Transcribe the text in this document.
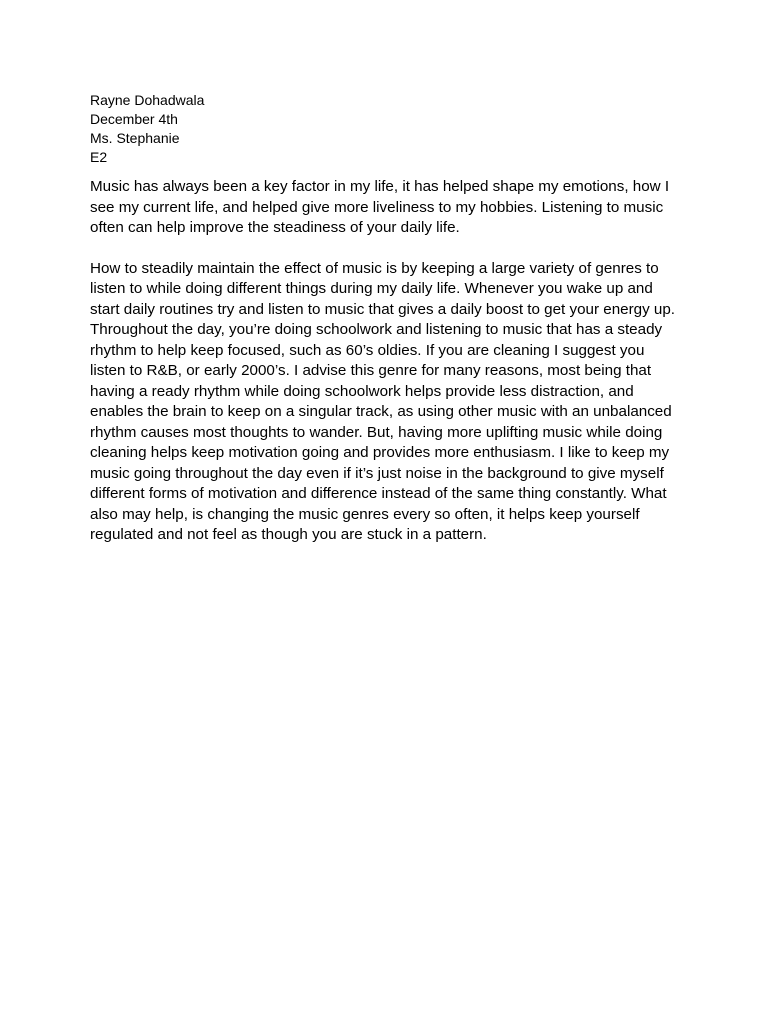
Rayne Dohadwala
December 4th
Ms. Stephanie
E2

Music has always been a key factor in my life, it has helped shape my emotions, how I
see my current life, and helped give more liveliness to my hobbies. Listening to music
often can help improve the steadiness of your daily life.

How to steadily maintain the effect of music is by keeping a large variety of genres to
listen to while doing different things during my daily life. Whenever you wake up and
start daily routines try and listen to music that gives a daily boost to get your energy up.
Throughout the day, you’re doing schoolwork and listening to music that has a steady
rhythm to help keep focused, such as 60’s oldies. If you are cleaning I suggest you
listen to R&B, or early 2000’s. I advise this genre for many reasons, most being that
having a ready rhythm while doing schoolwork helps provide less distraction, and
enables the brain to keep on a singular track, as using other music with an unbalanced
rhythm causes most thoughts to wander. But, having more uplifting music while doing
cleaning helps keep motivation going and provides more enthusiasm. I like to keep my
music going throughout the day even if it’s just noise in the background to give myself
different forms of motivation and difference instead of the same thing constantly. What
also may help, is changing the music genres every so often, it helps keep yourself
regulated and not feel as though you are stuck in a pattern.
